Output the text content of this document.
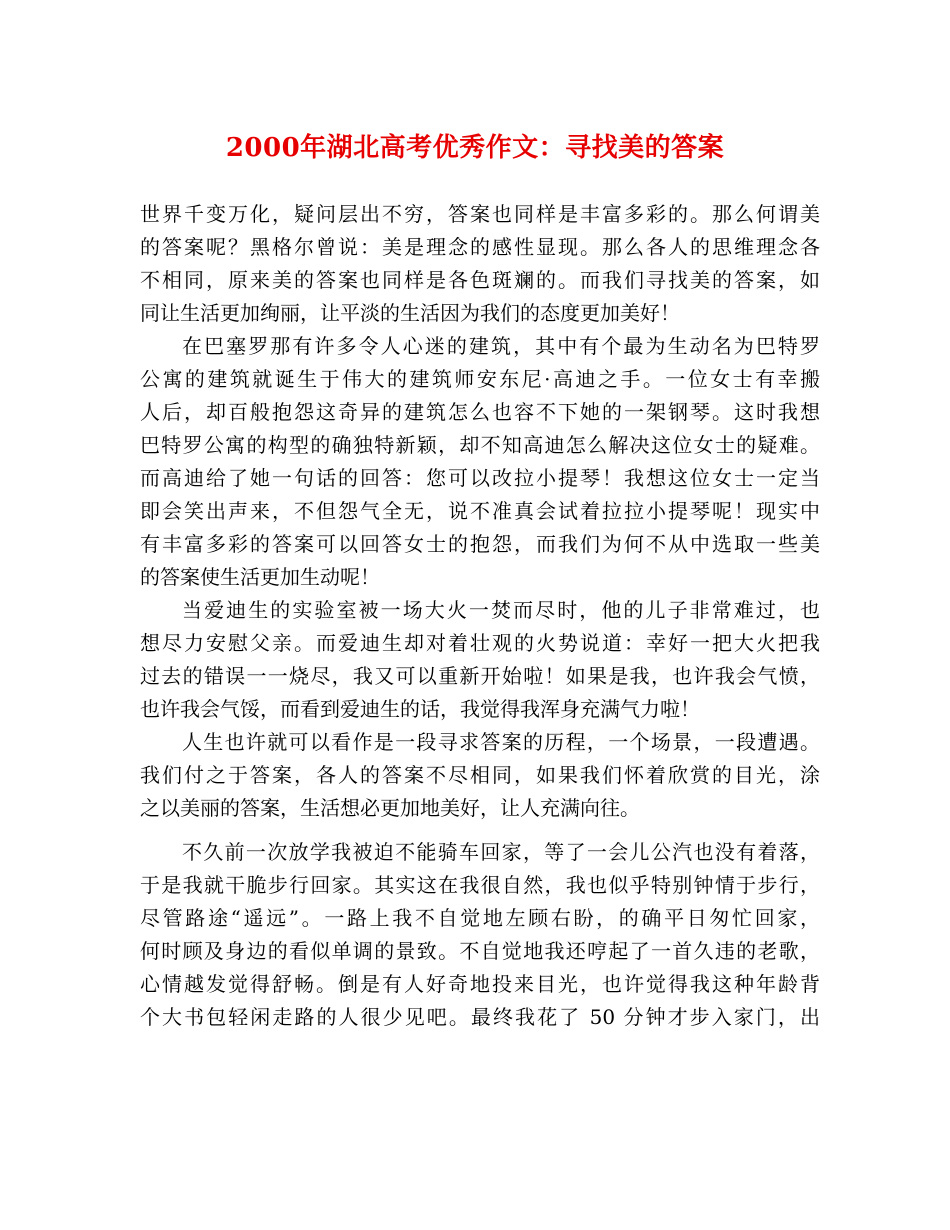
2000年湖北高考优秀作文：寻找美的答案

世界千变万化，疑问层出不穷，答案也同样是丰富多彩的。那么何谓美

的答案呢？黑格尔曾说：美是理念的感性显现。那么各人的思维理念各

不相同，原来美的答案也同样是各色斑斓的。而我们寻找美的答案，如

同让生活更加绚丽，让平淡的生活因为我们的态度更加美好！

在巴塞罗那有许多令人心迷的建筑，其中有个最为生动名为巴特罗

公寓的建筑就诞生于伟大的建筑师安东尼·高迪之手。一位女士有幸搬

人后，却百般抱怨这奇异的建筑怎么也容不下她的一架钢琴。这时我想

巴特罗公寓的构型的确独特新颖，却不知高迪怎么解决这位女士的疑难。

而高迪给了她一句话的回答：您可以改拉小提琴！我想这位女士一定当

即会笑出声来，不但怨气全无，说不准真会试着拉拉小提琴呢！现实中

有丰富多彩的答案可以回答女士的抱怨，而我们为何不从中选取一些美

的答案使生活更加生动呢！

当爱迪生的实验室被一场大火一焚而尽时，他的儿子非常难过，也

想尽力安慰父亲。而爱迪生却对着壮观的火势说道：幸好一把大火把我

过去的错误一一烧尽，我又可以重新开始啦！如果是我，也许我会气愤，

也许我会气馁，而看到爱迪生的话，我觉得我浑身充满气力啦！

人生也许就可以看作是一段寻求答案的历程，一个场景，一段遭遇。

我们付之于答案，各人的答案不尽相同，如果我们怀着欣赏的目光，涂

之以美丽的答案，生活想必更加地美好，让人充满向往。

不久前一次放学我被迫不能骑车回家，等了一会儿公汽也没有着落，

于是我就干脆步行回家。其实这在我很自然，我也似乎特别钟情于步行，

尽管路途“遥远”。一路上我不自觉地左顾右盼，的确平日匆忙回家，

何时顾及身边的看似单调的景致。不自觉地我还哼起了一首久违的老歌，

心情越发觉得舒畅。倒是有人好奇地投来目光，也许觉得我这种年龄背

个大书包轻闲走路的人很少见吧。最终我花了 50 分钟才步入家门，出
